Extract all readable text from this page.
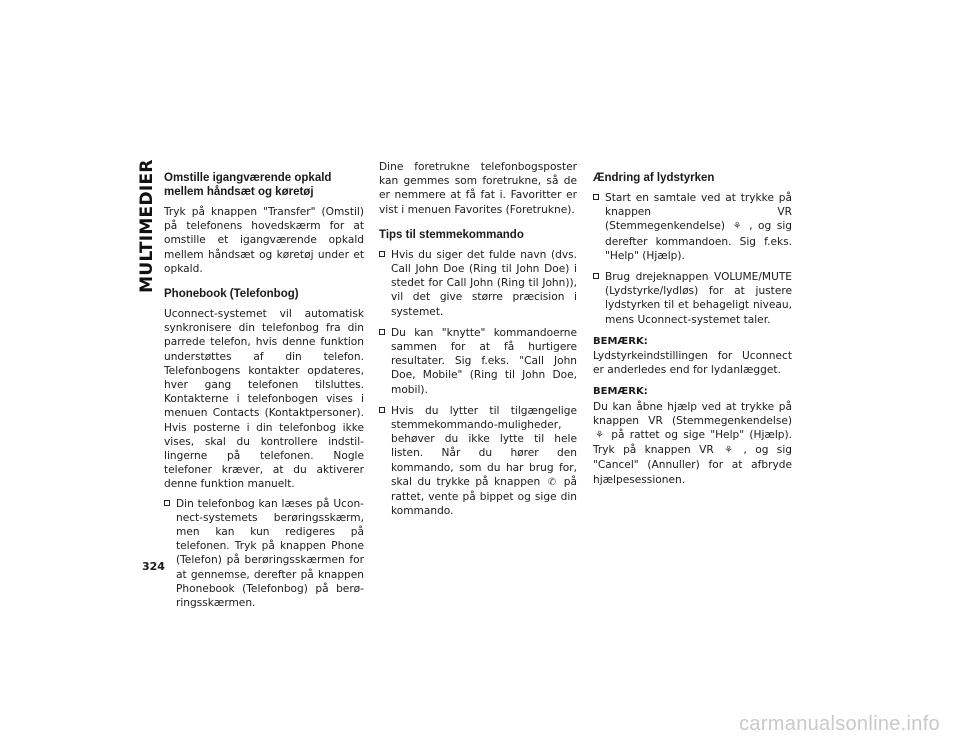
MULTIMEDIER
324
Omstille igangværende opkald mellem håndsæt og køretøj

Tryk på knappen "Transfer" (Omstil) på telefonens hovedskærm for at omstille et igangværende opkald mellem håndsæt og køretøj under et opkald.

Phonebook (Telefonbog)

Uconnect-systemet vil automatisk synkronisere din telefonbog fra din parrede telefon, hvis denne funktion understøttes af din telefon. Telefonbogens kontakter opdateres, hver gang telefonen tilsluttes. Kontakterne i telefonbogen vises i menuen Contacts (Kontaktpersoner). Hvis posterne i din telefonbog ikke vises, skal du kontrollere indstillingerne på telefonen. Nogle telefoner kræver, at du aktiverer denne funktion manuelt.

Din telefonbog kan læses på Uconnect-systemets berøringsskærm, men kan kun redigeres på telefonen. Tryk på knappen Phone (Telefon) på berøringsskærmen for at gennemse, derefter på knappen Phonebook (Telefonbog) på berøringsskærmen.

Dine foretrukne telefonbogsposter kan gemmes som foretrukne, så de er nemmere at få fat i. Favoritter er vist i menuen Favorites (Foretrukne).

Tips til stemmekommando
Hvis du siger det fulde navn (dvs. Call John Doe (Ring til John Doe) i stedet for Call John (Ring til John)), vil det give større præcision i systemet.
Du kan "knytte" kommandoerne sammen for at få hurtigere resultater. Sig f.eks. "Call John Doe, Mobile" (Ring til John Doe, mobil).
Hvis du lytter til tilgængelige stemmekommando-muligheder, behøver du ikke lytte til hele listen. Når du hører den kommando, som du har brug for, skal du trykke på knappen ✆ på rattet, vente på bippet og sige din kommando.
Ændring af lydstyrken
Start en samtale ved at trykke på knappen VR (Stemmegenkendelse) ⚘ , og sig derefter kommandoen. Sig f.eks. "Help" (Hjælp).
Brug drejeknappen VOLUME/MUTE (Lydstyrke/lydløs) for at justere lydstyrken til et behageligt niveau, mens Uconnect-systemet taler.
BEMÆRK:

Lydstyrkeindstillingen for Uconnect er anderledes end for lydanlægget.

BEMÆRK:

Du kan åbne hjælp ved at trykke på knappen VR (Stemmegenkendelse) ⚘ på rattet og sige "Help" (Hjælp). Tryk på knappen VR ⚘ , og sig "Cancel" (Annuller) for at afbryde hjælpesessionen.

carmanualsonline.info
